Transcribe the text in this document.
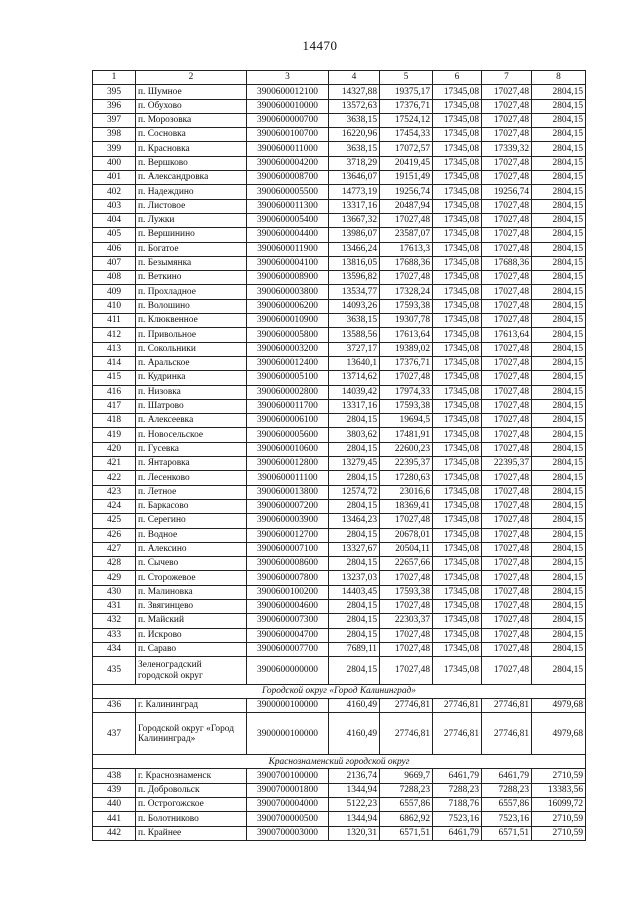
14470
1	2	3	4	5	6	7	8
395	п. Шумное	3900600012100	14327,88	19375,17	17345,08	17027,48	2804,15
396	п. Обухово	3900600010000	13572,63	17376,71	17345,08	17027,48	2804,15
397	п. Морозовка	3900600000700	3638,15	17524,12	17345,08	17027,48	2804,15
398	п. Сосновка	3900600100700	16220,96	17454,33	17345,08	17027,48	2804,15
399	п. Красновка	3900600011000	3638,15	17072,57	17345,08	17339,32	2804,15
400	п. Вершково	3900600004200	3718,29	20419,45	17345,08	17027,48	2804,15
401	п. Александровка	3900600008700	13646,07	19151,49	17345,08	17027,48	2804,15
402	п. Надеждино	3900600005500	14773,19	19256,74	17345,08	19256,74	2804,15
403	п. Листовое	3900600011300	13317,16	20487,94	17345,08	17027,48	2804,15
404	п. Лужки	3900600005400	13667,32	17027,48	17345,08	17027,48	2804,15
405	п. Вершинино	3900600004400	13986,07	23587,07	17345,08	17027,48	2804,15
406	п. Богатое	3900600011900	13466,24	17613,3	17345,08	17027,48	2804,15
407	п. Безымянка	3900600004100	13816,05	17688,36	17345,08	17688,36	2804,15
408	п. Веткино	3900600008900	13596,82	17027,48	17345,08	17027,48	2804,15
409	п. Прохладное	3900600003800	13534,77	17328,24	17345,08	17027,48	2804,15
410	п. Волошино	3900600006200	14093,26	17593,38	17345,08	17027,48	2804,15
411	п. Клюквенное	3900600010900	3638,15	19307,78	17345,08	17027,48	2804,15
412	п. Привольное	3900600005800	13588,56	17613,64	17345,08	17613,64	2804,15
413	п. Сокольники	3900600003200	3727,17	19389,02	17345,08	17027,48	2804,15
414	п. Аральское	3900600012400	13640,1	17376,71	17345,08	17027,48	2804,15
415	п. Кудринка	3900600005100	13714,62	17027,48	17345,08	17027,48	2804,15
416	п. Низовка	3900600002800	14039,42	17974,33	17345,08	17027,48	2804,15
417	п. Шатрово	3900600011700	13317,16	17593,38	17345,08	17027,48	2804,15
418	п. Алексеевка	3900600006100	2804,15	19694,5	17345,08	17027,48	2804,15
419	п. Новосельское	3900600005600	3803,62	17481,91	17345,08	17027,48	2804,15
420	п. Гусевка	3900600010600	2804,15	22600,23	17345,08	17027,48	2804,15
421	п. Янтаровка	3900600012800	13279,45	22395,37	17345,08	22395,37	2804,15
422	п. Лесенково	3900600011100	2804,15	17280,63	17345,08	17027,48	2804,15
423	п. Летное	3900600013800	12574,72	23016,6	17345,08	17027,48	2804,15
424	п. Баркасово	3900600007200	2804,15	18369,41	17345,08	17027,48	2804,15
425	п. Серегино	3900600003900	13464,23	17027,48	17345,08	17027,48	2804,15
426	п. Водное	3900600012700	2804,15	20678,01	17345,08	17027,48	2804,15
427	п. Алексино	3900600007100	13327,67	20504,11	17345,08	17027,48	2804,15
428	п. Сычево	3900600008600	2804,15	22657,66	17345,08	17027,48	2804,15
429	п. Сторожевое	3900600007800	13237,03	17027,48	17345,08	17027,48	2804,15
430	п. Малиновка	3900600100200	14403,45	17593,38	17345,08	17027,48	2804,15
431	п. Звягинцево	3900600004600	2804,15	17027,48	17345,08	17027,48	2804,15
432	п. Майский	3900600007300	2804,15	22303,37	17345,08	17027,48	2804,15
433	п. Искрово	3900600004700	2804,15	17027,48	17345,08	17027,48	2804,15
434	п. Сарaво	3900600007700	7689,11	17027,48	17345,08	17027,48	2804,15
435	Зеленоградский городской округ	3900600000000	2804,15	17027,48	17345,08	17027,48	2804,15
Городской округ «Город Калининград»							
436	г. Калининград	3900000100000	4160,49	27746,81	27746,81	27746,81	4979,68
437	Городской округ «Город Калининград»	3900000100000	4160,49	27746,81	27746,81	27746,81	4979,68
Краснознаменский городской округ							
438	г. Краснознаменск	3900700100000	2136,74	9669,7	6461,79	6461,79	2710,59
439	п. Добровольск	3900700001800	1344,94	7288,23	7288,23	7288,23	13383,56
440	п. Острогожское	3900700004000	5122,23	6557,86	7188,76	6557,86	16099,72
441	п. Болотниково	3900700000500	1344,94	6862,92	7523,16	7523,16	2710,59
442	п. Крайнее	3900700003000	1320,31	6571,51	6461,79	6571,51	2710,59
